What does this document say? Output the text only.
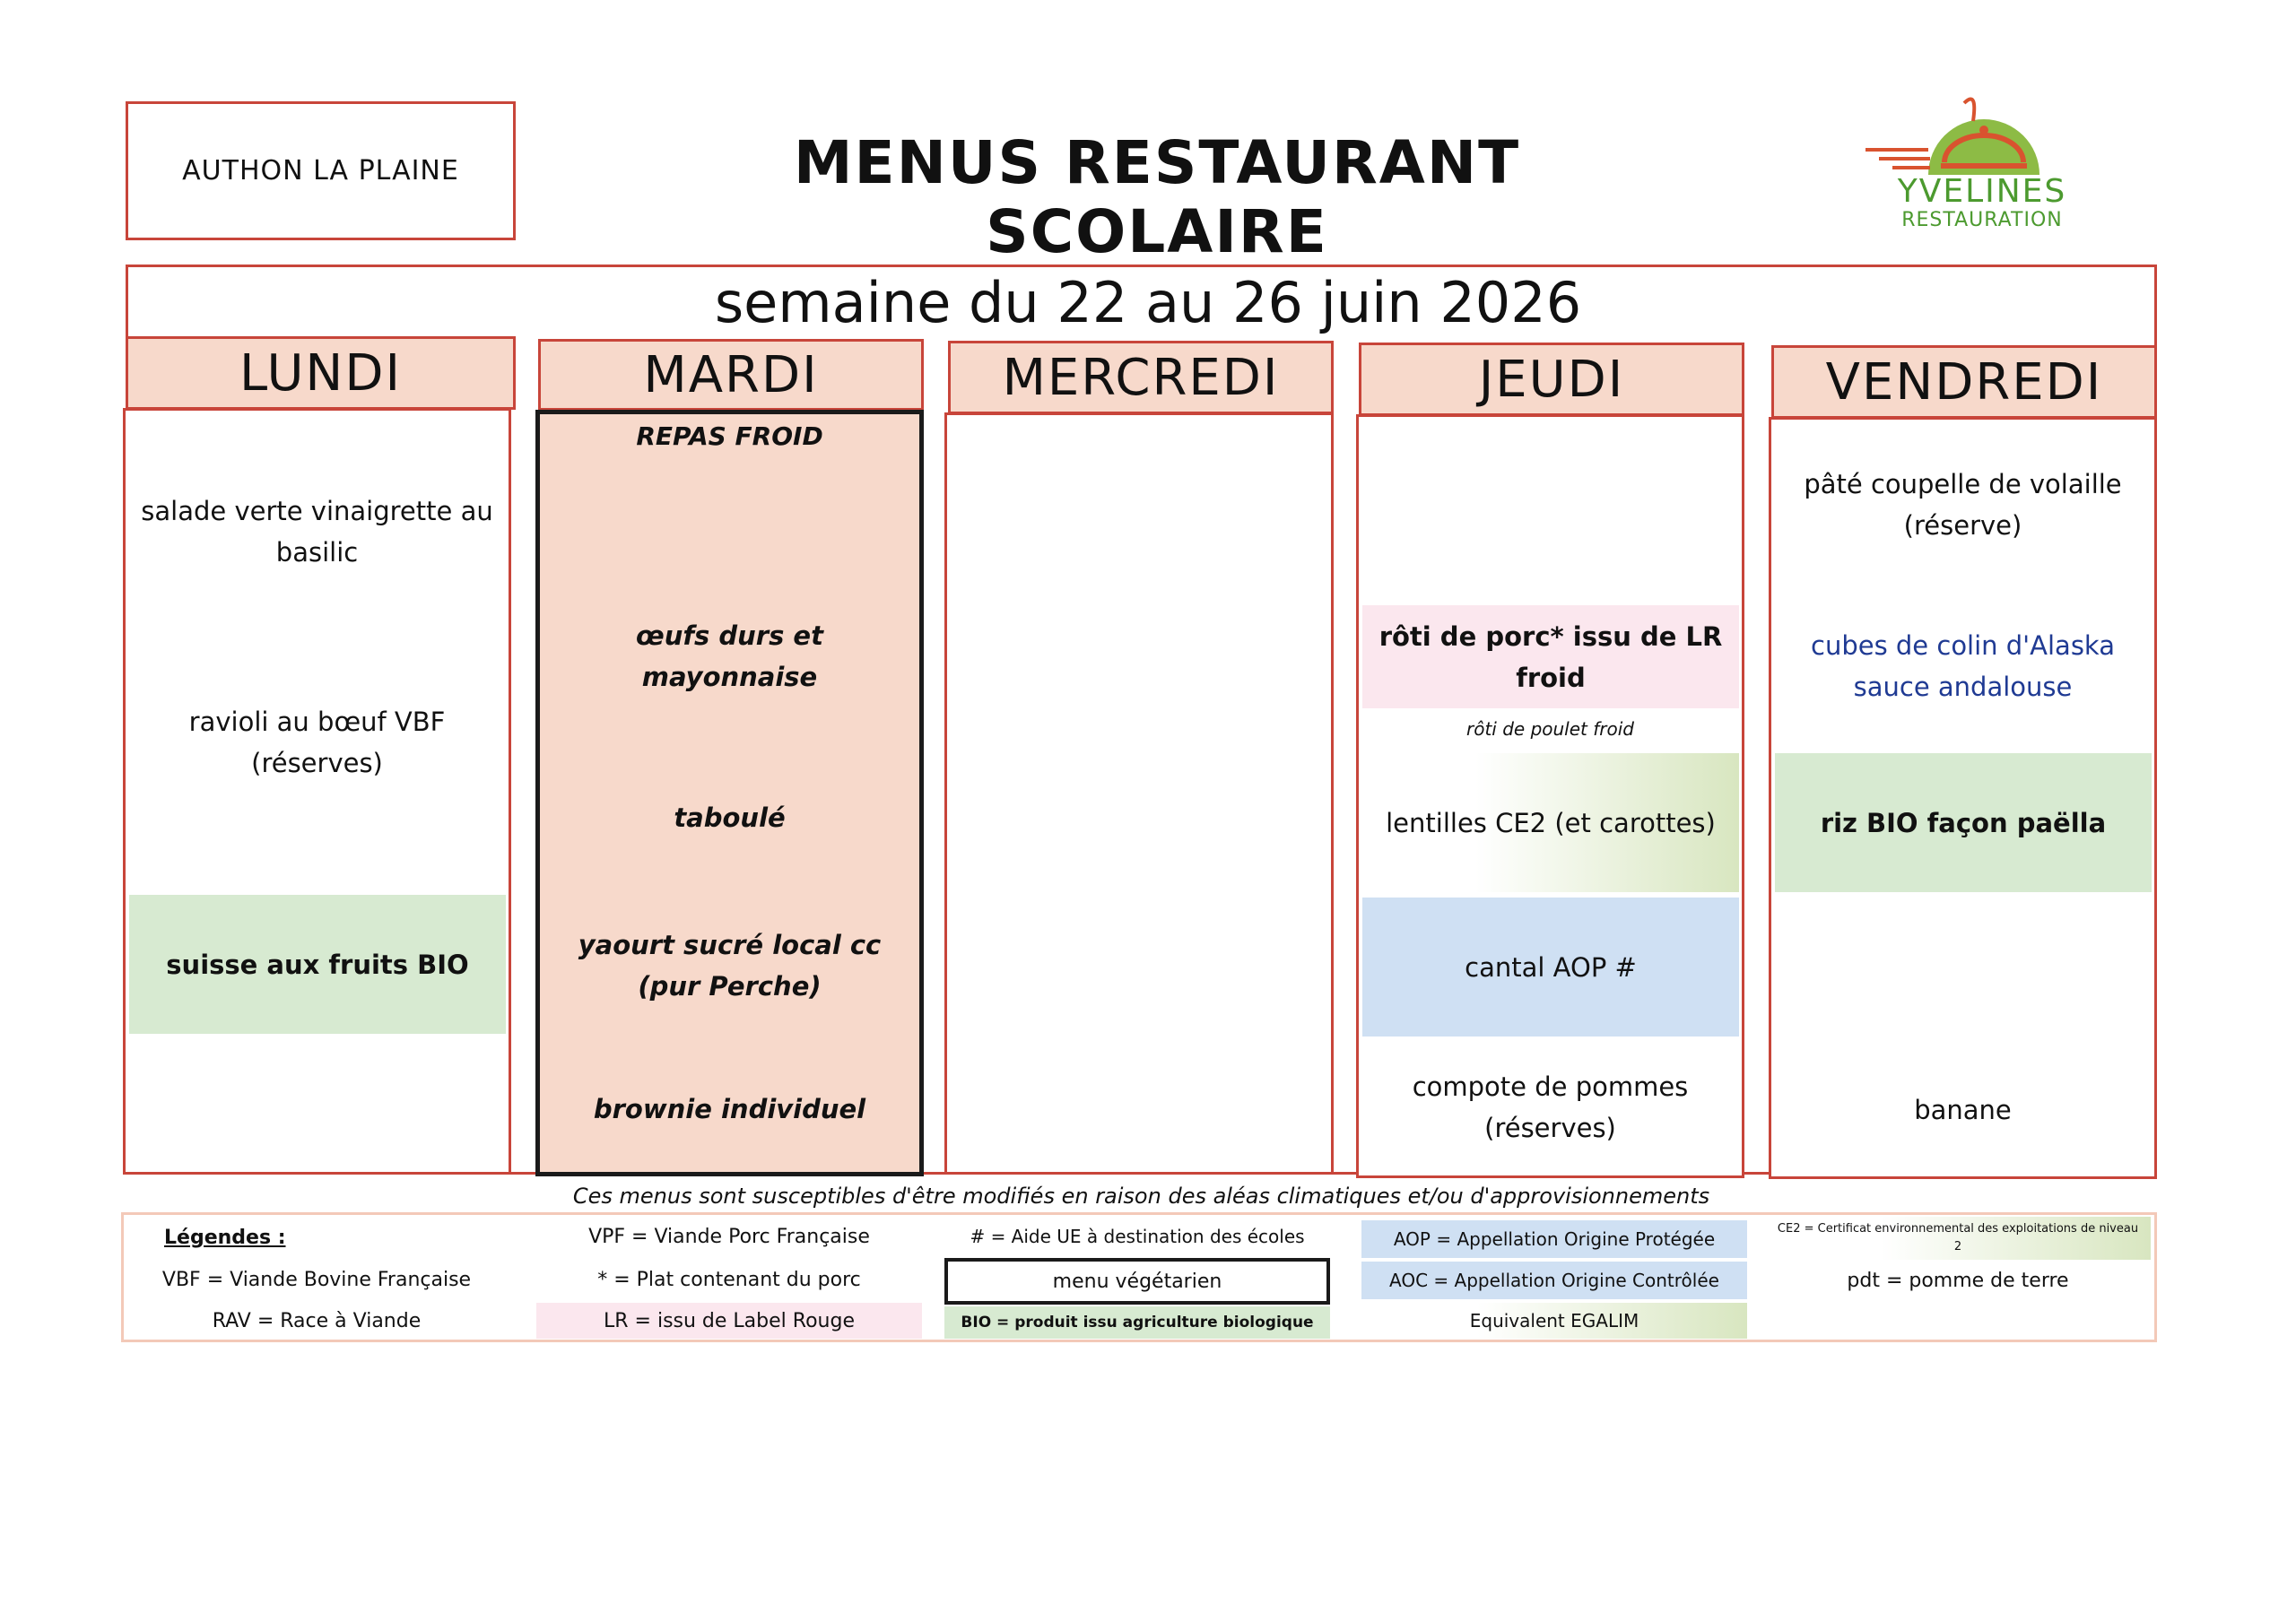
AUTHON LA PLAINE	MENUS RESTAURANT SCOLAIRE
YVELINES
RESTAURATION
semaine du 22 au 26 juin 2026
LUNDI
salade verte vinaigrette au basilic
ravioli au bœuf VBF (réserves)
suisse aux fruits BIO
MARDI
REPAS FROID
œufs durs et mayonnaise
taboulé
yaourt sucré local cc (pur Perche)
brownie individuel
MERCREDI	JEUDI
rôti de porc* issu de LR froid
rôti de poulet froid
lentilles CE2 (et carottes)
cantal AOP #
compote de pommes (réserves)
VENDREDI
pâté coupelle de volaille (réserve)
cubes de colin d'Alaska sauce andalouse
riz BIO façon paëlla
banane
Ces menus sont susceptibles d'être modifiés en raison des aléas climatiques et/ou d'approvisionnements
Légendes :
VBF = Viande Bovine Française
RAV = Race à Viande
VPF = Viande Porc Française
* = Plat contenant du porc
LR = issu de Label Rouge
# = Aide UE à destination des écoles
menu végétarien
BIO = produit issu agriculture biologique
AOP = Appellation Origine Protégée
AOC = Appellation Origine Contrôlée
Equivalent EGALIM
CE2 = Certificat environnemental des exploitations de niveau 2
pdt = pomme de terre
